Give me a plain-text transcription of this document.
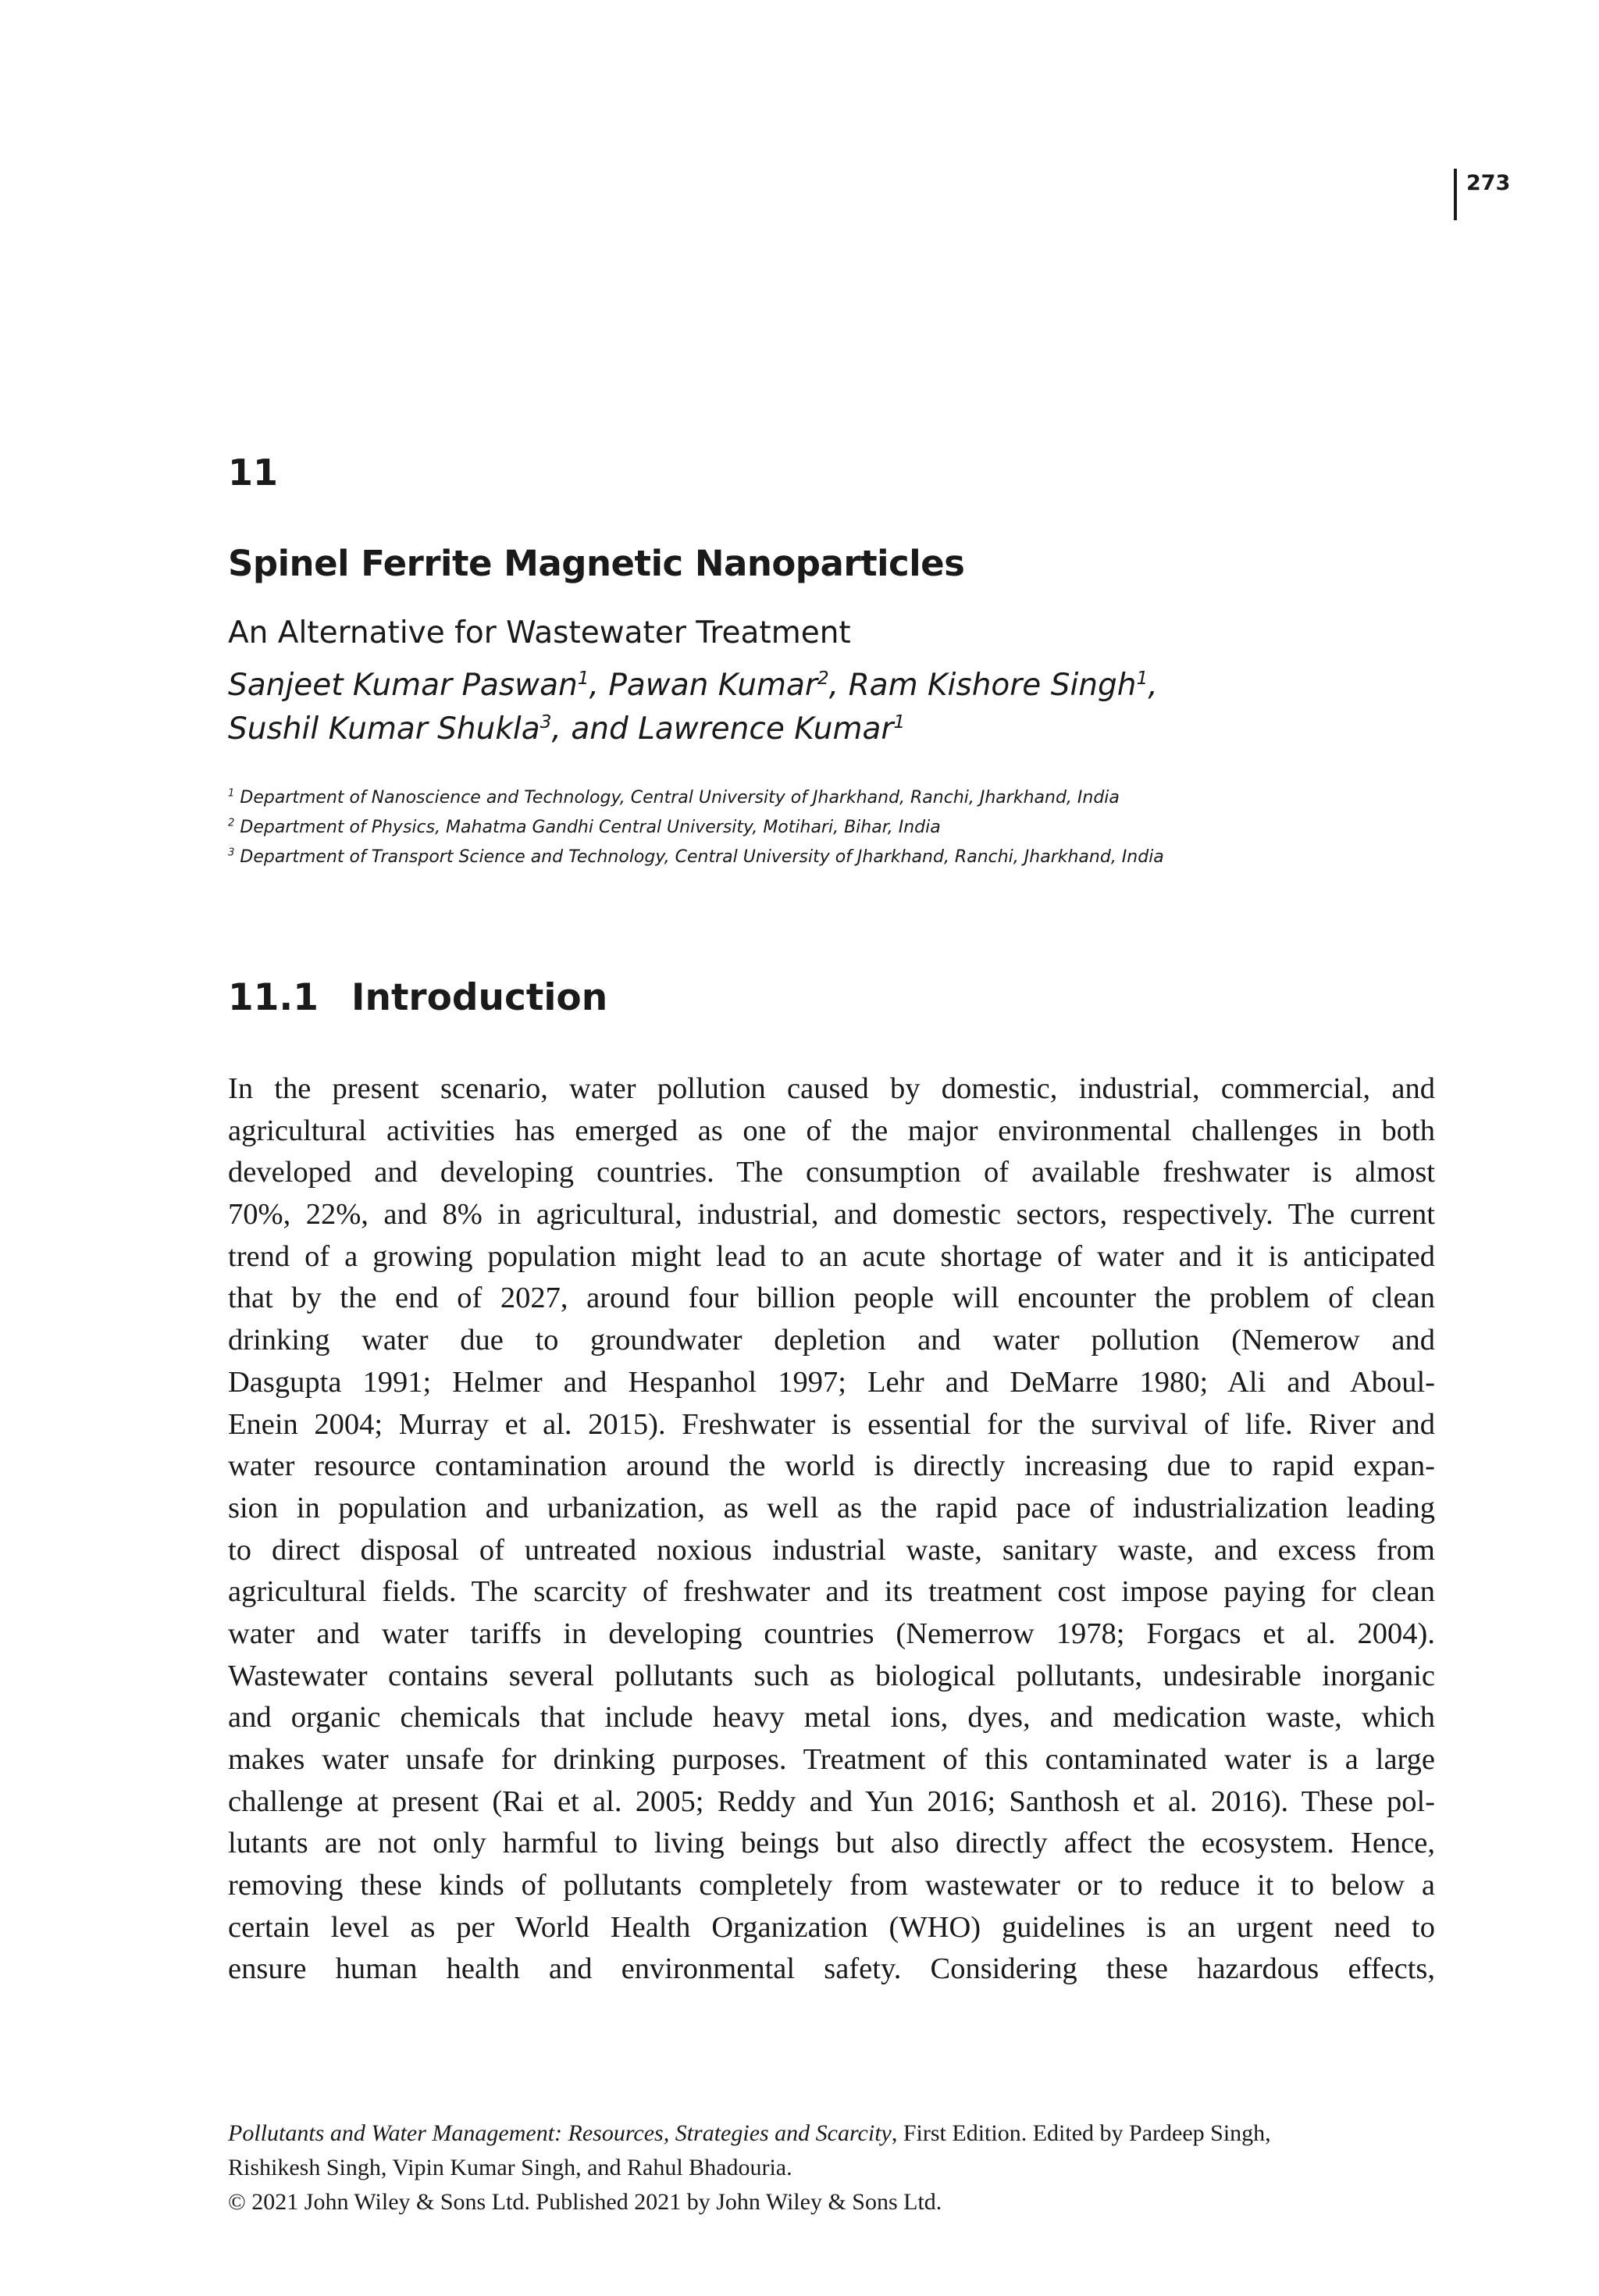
273
11
Spinel Ferrite Magnetic Nanoparticles
An Alternative for Wastewater Treatment
Sanjeet Kumar Paswan$^1$, Pawan Kumar$^2$, Ram Kishore Singh$^1$,
Sushil Kumar Shukla$^3$, and Lawrence Kumar$^1$
$^1$ Department of Nanoscience and Technology, Central University of Jharkhand, Ranchi, Jharkhand, India
$^2$ Department of Physics, Mahatma Gandhi Central University, Motihari, Bihar, India
$^3$ Department of Transport Science and Technology, Central University of Jharkhand, Ranchi, Jharkhand, India
11.1 Introduction
In the present scenario, water pollution caused by domestic, industrial, commercial, and
agricultural activities has emerged as one of the major environmental challenges in both
developed and developing countries. The consumption of available freshwater is almost
70%, 22%, and 8% in agricultural, industrial, and domestic sectors, respectively. The current
trend of a growing population might lead to an acute shortage of water and it is anticipated
that by the end of 2027, around four billion people will encounter the problem of clean
drinking water due to groundwater depletion and water pollution (Nemerow and
Dasgupta 1991; Helmer and Hespanhol 1997; Lehr and DeMarre 1980; Ali and Aboul-
Enein 2004; Murray et al. 2015). Freshwater is essential for the survival of life. River and
water resource contamination around the world is directly increasing due to rapid expan-
sion in population and urbanization, as well as the rapid pace of industrialization leading
to direct disposal of untreated noxious industrial waste, sanitary waste, and excess from
agricultural fields. The scarcity of freshwater and its treatment cost impose paying for clean
water and water tariffs in developing countries (Nemerrow 1978; Forgacs et al. 2004).
Wastewater contains several pollutants such as biological pollutants, undesirable inorganic
and organic chemicals that include heavy metal ions, dyes, and medication waste, which
makes water unsafe for drinking purposes. Treatment of this contaminated water is a large
challenge at present (Rai et al. 2005; Reddy and Yun 2016; Santhosh et al. 2016). These pol-
lutants are not only harmful to living beings but also directly affect the ecosystem. Hence,
removing these kinds of pollutants completely from wastewater or to reduce it to below a
certain level as per World Health Organization (WHO) guidelines is an urgent need to
ensure human health and environmental safety. Considering these hazardous effects,
Pollutants and Water Management: Resources, Strategies and Scarcity, First Edition. Edited by Pardeep Singh,
Rishikesh Singh, Vipin Kumar Singh, and Rahul Bhadouria.
© 2021 John Wiley & Sons Ltd. Published 2021 by John Wiley & Sons Ltd.
